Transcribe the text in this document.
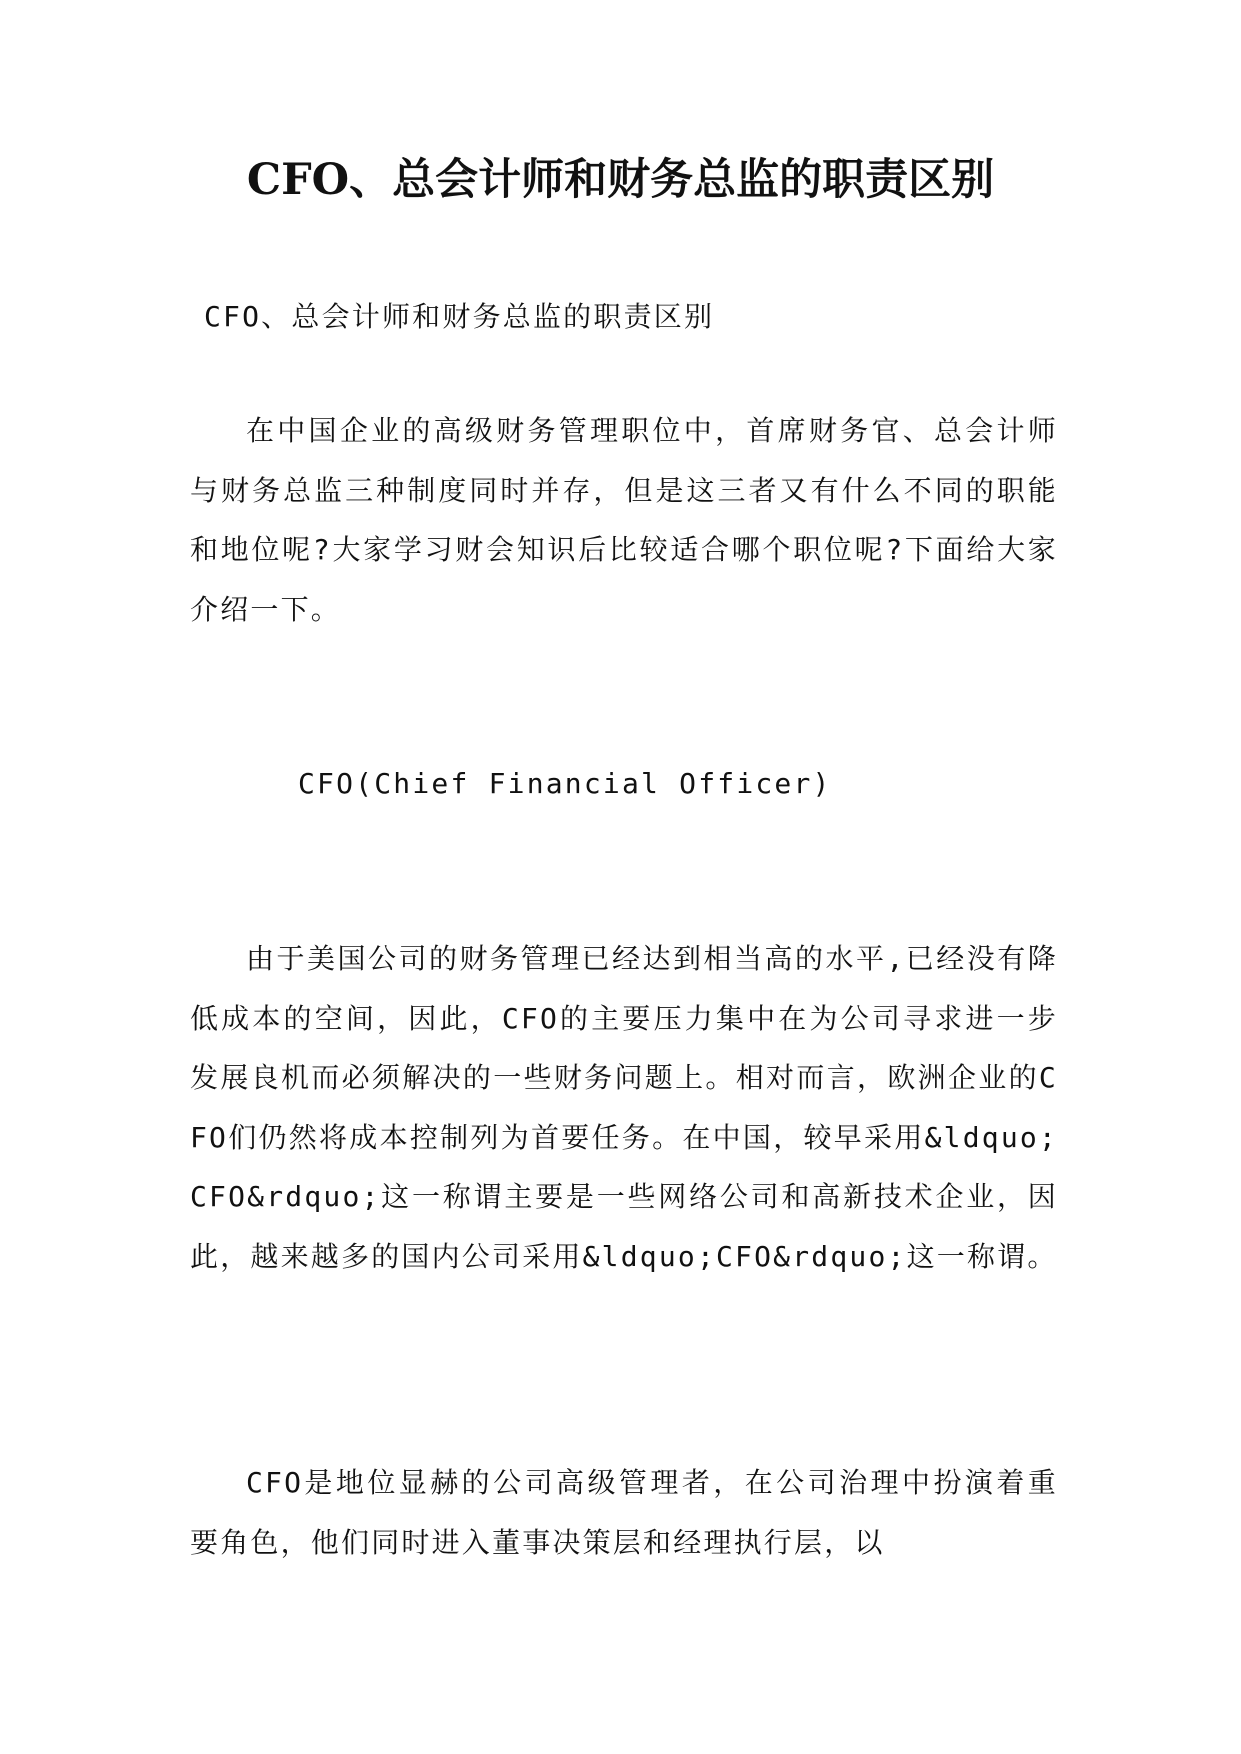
CFO、总会计师和财务总监的职责区别

CFO、总会计师和财务总监的职责区别

在中国企业的高级财务管理职位中，首席财务官、总会计师与财务总监三种制度同时并存，但是这三者又有什么不同的职能和地位呢?大家学习财会知识后比较适合哪个职位呢?下面给大家介绍一下。

CFO(Chief Financial Officer)

由于美国公司的财务管理已经达到相当高的水平,已经没有降低成本的空间，因此，CFO的主要压力集中在为公司寻求进一步发展良机而必须解决的一些财务问题上。相对而言，欧洲企业的CFO们仍然将成本控制列为首要任务。在中国，较早采用&ldquo;CFO&rdquo;这一称谓主要是一些网络公司和高新技术企业，因此，越来越多的国内公司采用&ldquo;CFO&rdquo;这一称谓。

CFO是地位显赫的公司高级管理者，在公司治理中扮演着重要角色，他们同时进入董事决策层和经理执行层，以
